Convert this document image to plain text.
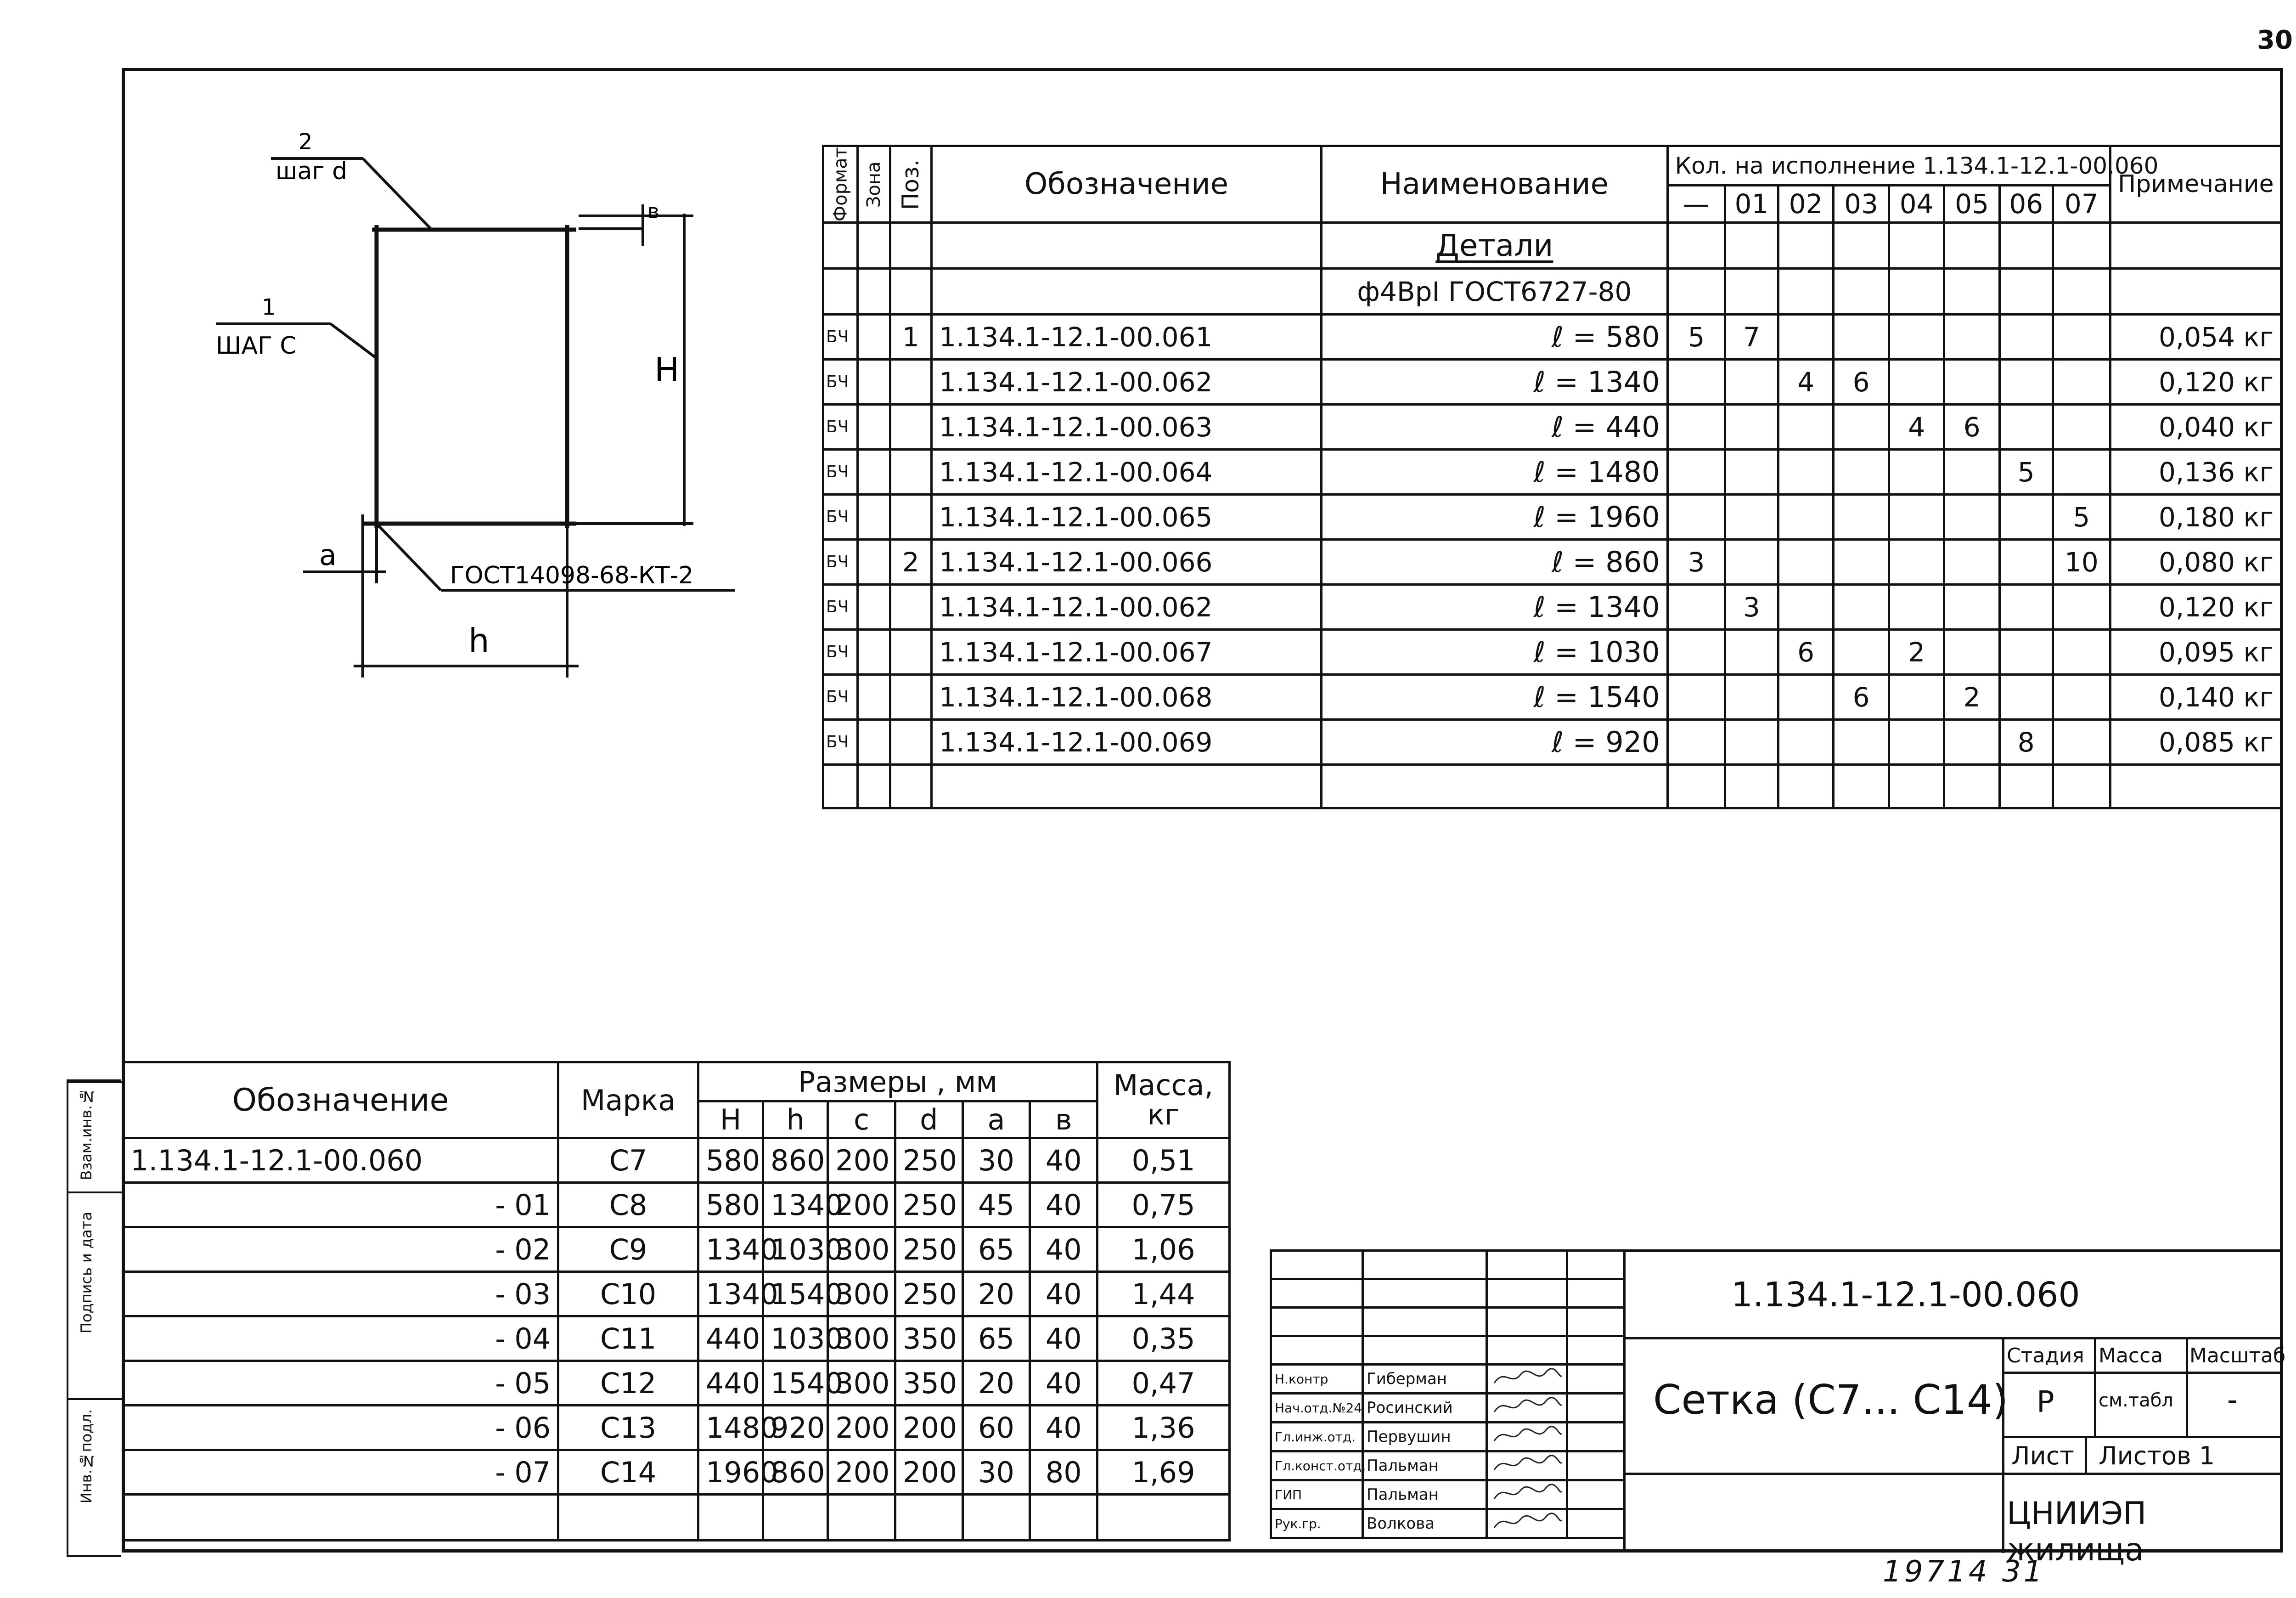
30
Взам.инв.№
Подпись и дата
Инв.№подл.
2
шаг d
1
ШАГ С
в
Н
а
h
ГОСТ14098-68-КТ-2
Формат	Зона	Поз.	Обозначение	Наименование	Кол. на исполнение 1.134.1-12.1-00.060								Примечание
					—	01	02	03	04	05	06	07	
				Детали									
				ф4ВрI ГОСТ6727-80									
БЧ		1	1.134.1-12.1-00.061	ℓ = 580	5	7							0,054 кг
БЧ			1.134.1-12.1-00.062	ℓ = 1340			4	6					0,120 кг
БЧ			1.134.1-12.1-00.063	ℓ = 440					4	6			0,040 кг
БЧ			1.134.1-12.1-00.064	ℓ = 1480							5		0,136 кг
БЧ			1.134.1-12.1-00.065	ℓ = 1960								5	0,180 кг
БЧ		2	1.134.1-12.1-00.066	ℓ = 860	3							10	0,080 кг
БЧ			1.134.1-12.1-00.062	ℓ = 1340		3							0,120 кг
БЧ			1.134.1-12.1-00.067	ℓ = 1030			6		2				0,095 кг
БЧ			1.134.1-12.1-00.068	ℓ = 1540				6		2			0,140 кг
БЧ			1.134.1-12.1-00.069	ℓ = 920							8		0,085 кг

Обозначение	Марка	Размеры , мм						Масса, кг
		Н	h	с	d	а	в	
1.134.1-12.1-00.060	С7	580	860	200	250	30	40	0,51
- 01	С8	580	1340	200	250	45	40	0,75
- 02	С9	1340	1030	300	250	65	40	1,06
- 03	С10	1340	1540	300	250	20	40	1,44
- 04	С11	440	1030	300	350	65	40	0,35
- 05	С12	440	1540	300	350	20	40	0,47
- 06	С13	1480	920	200	200	60	40	1,36
- 07	С14	1960	860	200	200	30	80	1,69

Н.контр	Гиберман		
Нач.отд.№24	Росинский		
Гл.инж.отд.	Первушин		
Гл.конст.отд.	Пальман		
ГИП	Пальман		
Рук.гр.	Волкова		
1.134.1-12.1-00.060
Сетка (С7... С14)
Стадия Масса Масштаб
Р см.табл -
Лист Листов 1
ЦНИИЭП жилища
19714 31
